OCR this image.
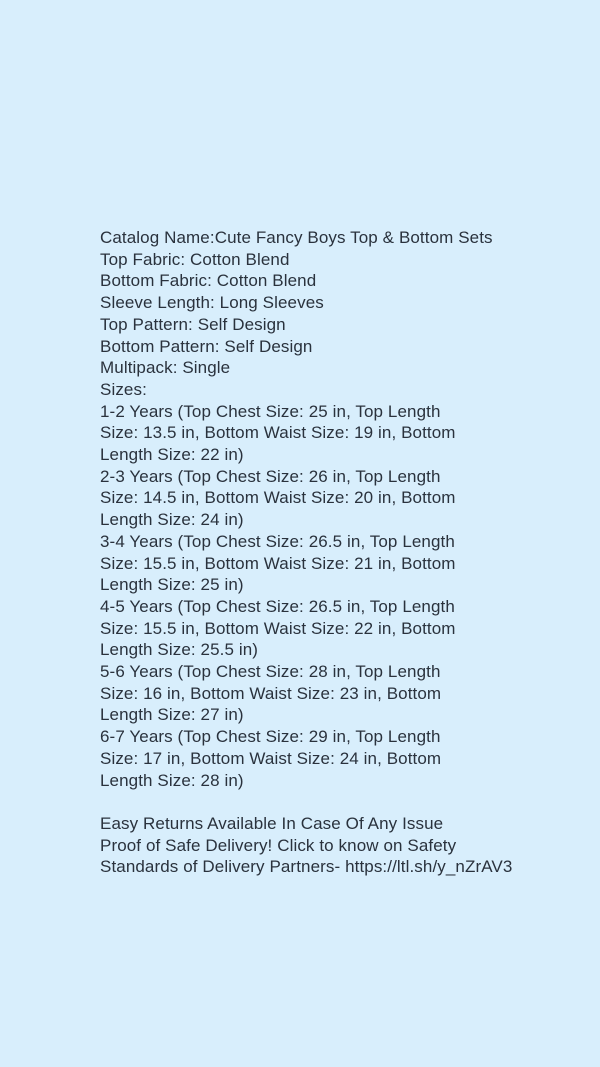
Catalog Name:Cute Fancy Boys Top & Bottom Sets
Top Fabric: Cotton Blend
Bottom Fabric: Cotton Blend
Sleeve Length: Long Sleeves
Top Pattern: Self Design
Bottom Pattern: Self Design
Multipack: Single
Sizes:
1-2 Years (Top Chest Size: 25 in, Top Length
Size: 13.5 in, Bottom Waist Size: 19 in, Bottom
Length Size: 22 in)
2-3 Years (Top Chest Size: 26 in, Top Length
Size: 14.5 in, Bottom Waist Size: 20 in, Bottom
Length Size: 24 in)
3-4 Years (Top Chest Size: 26.5 in, Top Length
Size: 15.5 in, Bottom Waist Size: 21 in, Bottom
Length Size: 25 in)
4-5 Years (Top Chest Size: 26.5 in, Top Length
Size: 15.5 in, Bottom Waist Size: 22 in, Bottom
Length Size: 25.5 in)
5-6 Years (Top Chest Size: 28 in, Top Length
Size: 16 in, Bottom Waist Size: 23 in, Bottom
Length Size: 27 in)
6-7 Years (Top Chest Size: 29 in, Top Length
Size: 17 in, Bottom Waist Size: 24 in, Bottom
Length Size: 28 in)
Easy Returns Available In Case Of Any Issue
Proof of Safe Delivery! Click to know on Safety
Standards of Delivery Partners- https://ltl.sh/y_nZrAV3
